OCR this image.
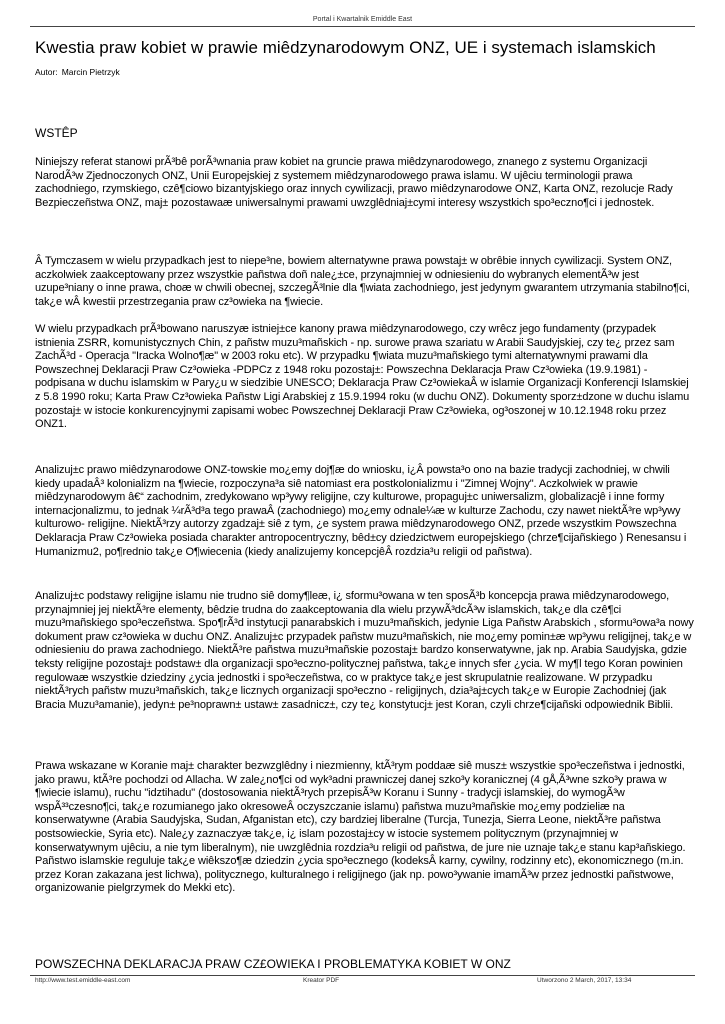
Portal i Kwartalnik Emiddle East
Kwestia praw kobiet w prawie miêdzynarodowym ONZ, UE i systemach islamskich
Autor: Marcin Pietrzyk
WSTÊP

Niniejszy referat stanowi prÃ³bê porÃ³wnania praw kobiet na gruncie prawa miêdzynarodowego, znanego z systemu Organizacji NarodÃ³w Zjednoczonych ONZ, Unii Europejskiej z systemem miêdzynarodowego prawa islamu. W ujêciu terminologii prawa zachodniego, rzymskiego, czê¶ciowo bizantyjskiego oraz innych cywilizacji, prawo miêdzynarodowe ONZ, Karta ONZ, rezolucje Rady Bezpieczeñstwa ONZ, maj± pozostawaæ uniwersalnymi prawami uwzglêdniaj±cymi interesy wszystkich spo³eczno¶ci i jednostek.

Â Tymczasem w wielu przypadkach jest to niepe³ne, bowiem alternatywne prawa powstaj± w obrêbie innych cywilizacji. System ONZ, aczkolwiek zaakceptowany przez wszystkie pañstwa doñ nale¿±ce, przynajmniej w odniesieniu do wybranych elementÃ³w jest uzupe³niany o inne prawa, choæ w chwili obecnej, szczegÃ³lnie dla ¶wiata zachodniego, jest jedynym gwarantem utrzymania stabilno¶ci, tak¿e wÂ kwestii przestrzegania praw cz³owieka na ¶wiecie.

W wielu przypadkach prÃ³bowano naruszyæ istniej±ce kanony prawa miêdzynarodowego, czy wrêcz jego fundamenty (przypadek istnienia ZSRR, komunistycznych Chin, z pañstw muzu³mañskich - np. surowe prawa szariatu w Arabii Saudyjskiej, czy te¿ przez sam ZachÃ³d - Operacja "Iracka Wolno¶æ" w 2003 roku etc). W przypadku ¶wiata muzu³mañskiego tymi alternatywnymi prawami dla Powszechnej Deklaracji Praw Cz³owieka -PDPCz z 1948 roku pozostaj±: Powszechna Deklaracja Praw Cz³owieka (19.9.1981) - podpisana w duchu islamskim w Pary¿u w siedzibie UNESCO; Deklaracja Praw Cz³owiekaÂ w islamie Organizacji Konferencji Islamskiej z 5.8 1990 roku; Karta Praw Cz³owieka Pañstw Ligi Arabskiej z 15.9.1994 roku (w duchu ONZ). Dokumenty sporz±dzone w duchu islamu pozostaj± w istocie konkurencyjnymi zapisami wobec Powszechnej Deklaracji Praw Cz³owieka, og³oszonej w 10.12.1948 roku przez ONZ1.

Analizuj±c prawo miêdzynarodowe ONZ-towskie mo¿emy doj¶æ do wniosku, i¿Â powsta³o ono na bazie tradycji zachodniej, w chwili kiedy upadaÂ³ kolonializm na ¶wiecie, rozpoczyna³a siê natomiast era postkolonializmu i "Zimnej Wojny". Aczkolwiek w prawie miêdzynarodowym â€“ zachodnim, zredykowano wp³ywy religijne, czy kulturowe, propaguj±c uniwersalizm, globalizacjê i inne formy internacjonalizmu, to jednak ¼rÃ³d³a tego prawaÂ (zachodniego) mo¿emy odnale¼æ w kulturze Zachodu, czy nawet niektÃ³re wp³ywy kulturowo- religijne. NiektÃ³rzy autorzy zgadzaj± siê z tym, ¿e system prawa miêdzynarodowego ONZ, przede wszystkim Powszechna Deklaracja Praw Cz³owieka posiada charakter antropocentryczny, bêd±cy dziedzictwem europejskiego (chrze¶cijañskiego ) Renesansu i Humanizmu2, po¶rednio tak¿e O¶wiecenia (kiedy analizujemy koncepcjêÂ rozdzia³u religii od pañstwa).

Analizuj±c podstawy religijne islamu nie trudno siê domy¶leæ, i¿ sformu³owana w ten sposÃ³b koncepcja prawa miêdzynarodowego, przynajmniej jej niektÃ³re elementy, bêdzie trudna do zaakceptowania dla wielu przywÃ³dcÃ³w islamskich, tak¿e dla czê¶ci muzu³mañskiego spo³eczeñstwa. Spo¶rÃ³d instytucji panarabskich i muzu³mañskich, jedynie Liga Pañstw Arabskich , sformu³owa³a nowy dokument praw cz³owieka w duchu ONZ. Analizuj±c przypadek pañstw muzu³mañskich, nie mo¿emy pomin±æ wp³ywu religijnej, tak¿e w odniesieniu do prawa zachodniego. NiektÃ³re pañstwa muzu³mañskie pozostaj± bardzo konserwatywne, jak np. Arabia Saudyjska, gdzie teksty religijne pozostaj± podstaw± dla organizacji spo³eczno-politycznej pañstwa, tak¿e innych sfer ¿ycia. W my¶l tego Koran powinien regulowaæ wszystkie dziedziny ¿ycia jednostki i spo³eczeñstwa, co w praktyce tak¿e jest skrupulatnie realizowane. W przypadku niektÃ³rych pañstw muzu³mañskich, tak¿e licznych organizacji spo³eczno - religijnych, dzia³aj±cych tak¿e w Europie Zachodniej (jak Bracia Muzu³amanie), jedyn± pe³noprawn± ustaw± zasadnicz±, czy te¿ konstytucj± jest Koran, czyli chrze¶cijañski odpowiednik Biblii.

Prawa wskazane w Koranie maj± charakter bezwzglêdny i niezmienny, ktÃ³rym poddaæ siê musz± wszystkie spo³eczeñstwa i jednostki, jako prawu, ktÃ³re pochodzi od Allacha. W zale¿no¶ci od wyk³adni prawniczej danej szko³y koranicznej (4 gÅ‚Ã³wne szko³y prawa w ¶wiecie islamu), ruchu "idztihadu" (dostosowania niektÃ³rych przepisÃ³w Koranu i Sunny - tradycji islamskiej, do wymogÃ³w wspÃ³³czesno¶ci, tak¿e rozumianego jako okresoweÂ oczyszczanie islamu) pañstwa muzu³mañskie mo¿emy podzieliæ na konserwatywne (Arabia Saudyjska, Sudan, Afganistan etc), czy bardziej liberalne (Turcja, Tunezja, Sierra Leone, niektÃ³re pañstwa postsowieckie, Syria etc). Nale¿y zaznaczyæ tak¿e, i¿ islam pozostaj±cy w istocie systemem politycznym (przynajmniej w konserwatywnym ujêciu, a nie tym liberalnym), nie uwzglêdnia rozdzia³u religii od pañstwa, de jure nie uznaje tak¿e stanu kap³añskiego. Pañstwo islamskie reguluje tak¿e wiêkszo¶æ dziedzin ¿ycia spo³ecznego (kodeksÂ karny, cywilny, rodzinny etc), ekonomicznego (m.in. przez Koran zakazana jest lichwa), politycznego, kulturalnego i religijnego (jak np. powo³ywanie imamÃ³w przez jednostki pañstwowe, organizowanie pielgrzymek do Mekki etc).

POWSZECHNA DEKLARACJA PRAW CZ£OWIEKA I PROBLEMATYKA KOBIET W ONZ
http://www.test.emiddle-east.com	Kreator PDF	Utworzono 2 March, 2017, 13:34
